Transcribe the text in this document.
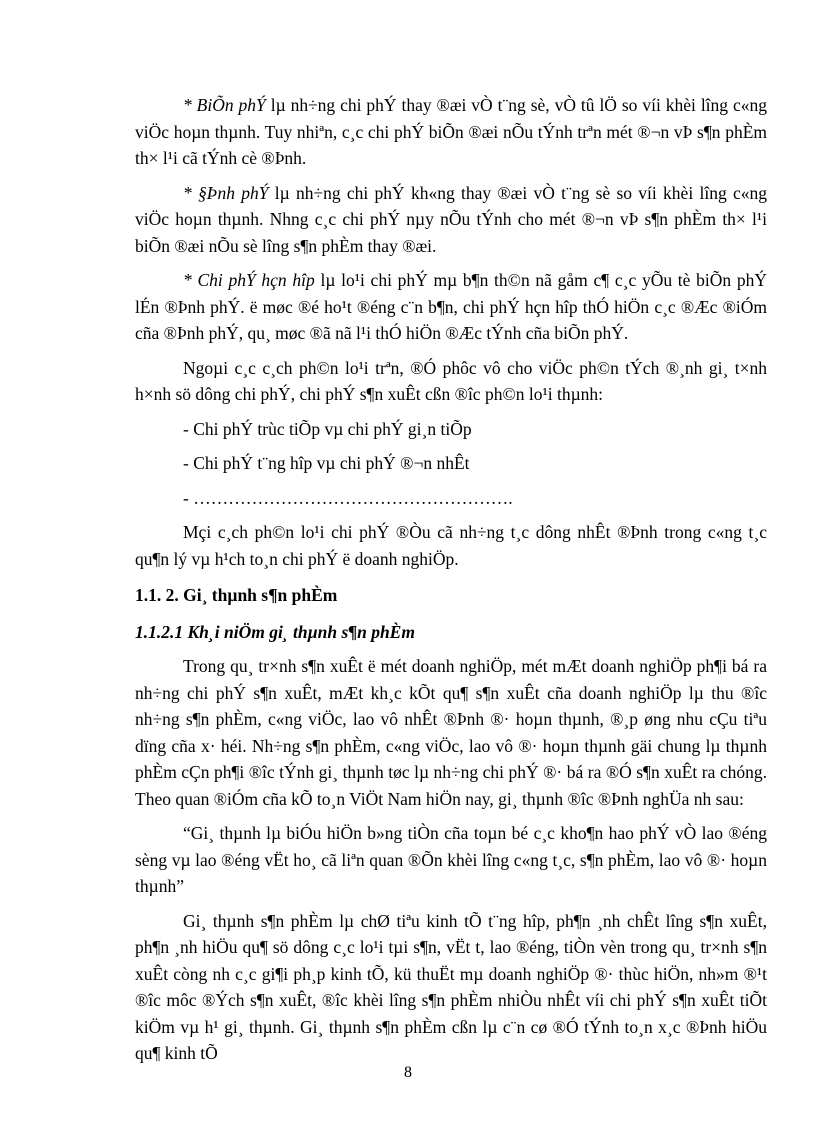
* BiÕn phÝ lµ nh÷ng chi phÝ thay ®æi vÒ t¨ng sè, vÒ tû lÖ so víi khèi lîng c«ng viÖc hoµn thµnh. Tuy nhiªn, c¸c chi phÝ biÕn ®æi nÕu tÝnh trªn mét ®¬n vÞ s¶n phÈm th× l¹i cã tÝnh cè ®Þnh.

* §Þnh phÝ lµ nh÷ng chi phÝ kh«ng thay ®æi vÒ t¨ng sè so víi khèi lîng c«ng viÖc hoµn thµnh. Nhng c¸c chi phÝ nµy nÕu tÝnh cho mét ®¬n vÞ s¶n phÈm th× l¹i biÕn ®æi nÕu sè lîng s¶n phÈm thay ®æi.

* Chi phÝ hçn hîp lµ lo¹i chi phÝ mµ b¶n th©n nã gåm c¶ c¸c yÕu tè biÕn phÝ lÉn ®Þnh phÝ. ë møc ®é ho¹t ®éng c¨n b¶n, chi phÝ hçn hîp thÓ hiÖn c¸c ®Æc ®iÓm cña ®Þnh phÝ, qu¸ møc ®ã nã l¹i thÓ hiÖn ®Æc tÝnh cña biÕn phÝ.

Ngoµi c¸c c¸ch ph©n lo¹i trªn, ®Ó phôc vô cho viÖc ph©n tÝch ®¸nh gi¸ t×nh h×nh sö dông chi phÝ, chi phÝ s¶n xuÊt cßn ®îc ph©n lo¹i thµnh:

- Chi phÝ trùc tiÕp vµ chi phÝ gi¸n tiÕp

- Chi phÝ t¨ng hîp vµ chi phÝ ®¬n nhÊt

- ……………………………………………….

Mçi c¸ch ph©n lo¹i chi phÝ ®Òu cã nh÷ng t¸c dông nhÊt ®Þnh trong c«ng t¸c qu¶n lý vµ h¹ch to¸n chi phÝ ë doanh nghiÖp.

1.1. 2. Gi¸ thµnh s¶n phÈm
1.1.2.1 Kh¸i niÖm gi¸ thµnh s¶n phÈm

Trong qu¸ tr×nh s¶n xuÊt ë mét doanh nghiÖp, mét mÆt doanh nghiÖp ph¶i bá ra nh÷ng chi phÝ s¶n xuÊt, mÆt kh¸c kÕt qu¶ s¶n xuÊt cña doanh nghiÖp lµ thu ®îc nh÷ng s¶n phÈm, c«ng viÖc, lao vô nhÊt ®Þnh ®· hoµn thµnh, ®¸p øng nhu cÇu tiªu dïng cña x· héi. Nh÷ng s¶n phÈm, c«ng viÖc, lao vô ®· hoµn thµnh gäi chung lµ thµnh phÈm cÇn ph¶i ®îc tÝnh gi¸ thµnh tøc lµ nh÷ng chi phÝ ®· bá ra ®Ó s¶n xuÊt ra chóng. Theo quan ®iÓm cña kÕ to¸n ViÖt Nam hiÖn nay, gi¸ thµnh ®îc ®Þnh nghÜa nh sau:

“Gi¸ thµnh lµ biÓu hiÖn b»ng tiÒn cña toµn bé c¸c kho¶n hao phÝ vÒ lao ®éng sèng vµ lao ®éng vËt ho¸ cã liªn quan ®Õn khèi lîng c«ng t¸c, s¶n phÈm, lao vô ®· hoµn thµnh”

Gi¸ thµnh s¶n phÈm lµ chØ tiªu kinh tÕ t¨ng hîp, ph¶n ¸nh chÊt lîng s¶n xuÊt, ph¶n ¸nh hiÖu qu¶ sö dông c¸c lo¹i tµi s¶n, vËt t, lao ®éng, tiÒn vèn trong qu¸ tr×nh s¶n xuÊt còng nh c¸c gi¶i ph¸p kinh tÕ, kü thuËt mµ doanh nghiÖp ®· thùc hiÖn, nh»m ®¹t ®îc môc ®Ých s¶n xuÊt, ®îc khèi lîng s¶n phÈm nhiÒu nhÊt víi chi phÝ s¶n xuÊt tiÕt kiÖm vµ h¹ gi¸ thµnh. Gi¸ thµnh s¶n phÈm cßn lµ c¨n cø ®Ó tÝnh to¸n x¸c ®Þnh hiÖu qu¶ kinh tÕ

8
